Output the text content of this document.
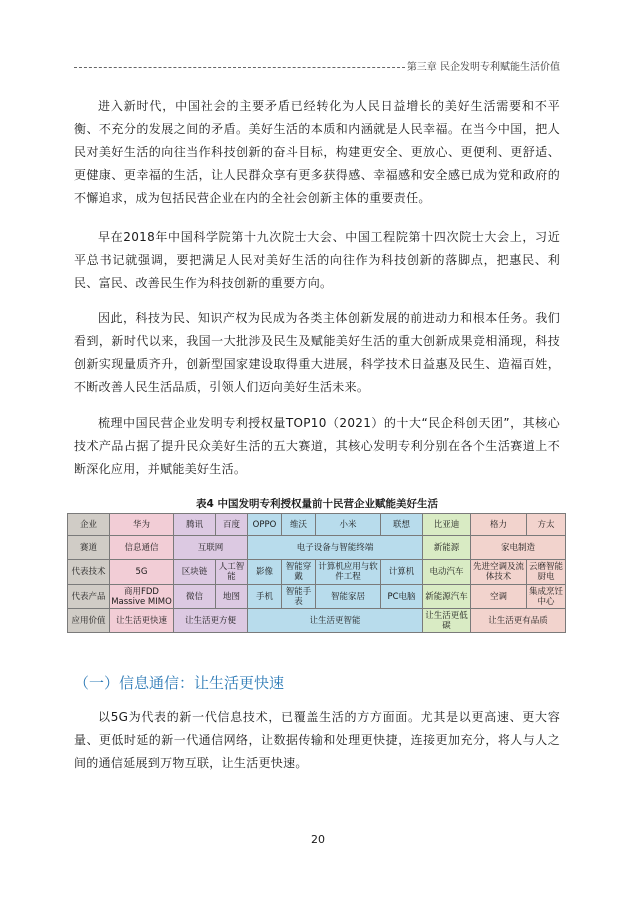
第三章 民企发明专利赋能生活价值

进入新时代，中国社会的主要矛盾已经转化为人民日益增长的美好生活需要和不平衡、不充分的发展之间的矛盾。美好生活的本质和内涵就是人民幸福。在当今中国，把人民对美好生活的向往当作科技创新的奋斗目标，构建更安全、更放心、更便利、更舒适、更健康、更幸福的生活，让人民群众享有更多获得感、幸福感和安全感已成为党和政府的不懈追求，成为包括民营企业在内的全社会创新主体的重要责任。

早在2018年中国科学院第十九次院士大会、中国工程院第十四次院士大会上，习近平总书记就强调，要把满足人民对美好生活的向往作为科技创新的落脚点，把惠民、利民、富民、改善民生作为科技创新的重要方向。

因此，科技为民、知识产权为民成为各类主体创新发展的前进动力和根本任务。我们看到，新时代以来，我国一大批涉及民生及赋能美好生活的重大创新成果竞相涌现，科技创新实现量质齐升，创新型国家建设取得重大进展，科学技术日益惠及民生、造福百姓，不断改善人民生活品质，引领人们迈向美好生活未来。

梳理中国民营企业发明专利授权量TOP10（2021）的十大“民企科创天团”，其核心技术产品占据了提升民众美好生活的五大赛道，其核心发明专利分别在各个生活赛道上不断深化应用，并赋能美好生活。

表4 中国发明专利授权量前十民营企业赋能美好生活
企业	华为	腾讯	百度	OPPO	维沃	小米	联想	比亚迪	格力	方太
赛道	信息通信	互联网		电子设备与智能终端				新能源	家电制造	
代表技术	5G	区块链	人工智能	影像	智能穿戴	计算机应用与软件工程	计算机	电动汽车	先进空调及流体技术	云磨智能厨电
代表产品	商用FDD Massive MIMO	微信	地图	手机	智能手表	智能家居	PC电脑	新能源汽车	空调	集成烹饪中心
应用价值	让生活更快速	让生活更方便		让生活更智能				让生活更低碳	让生活更有品质	
（一）信息通信：让生活更快速

以5G为代表的新一代信息技术，已覆盖生活的方方面面。尤其是以更高速、更大容量、更低时延的新一代通信网络，让数据传输和处理更快捷，连接更加充分，将人与人之间的通信延展到万物互联，让生活更快速。

20
